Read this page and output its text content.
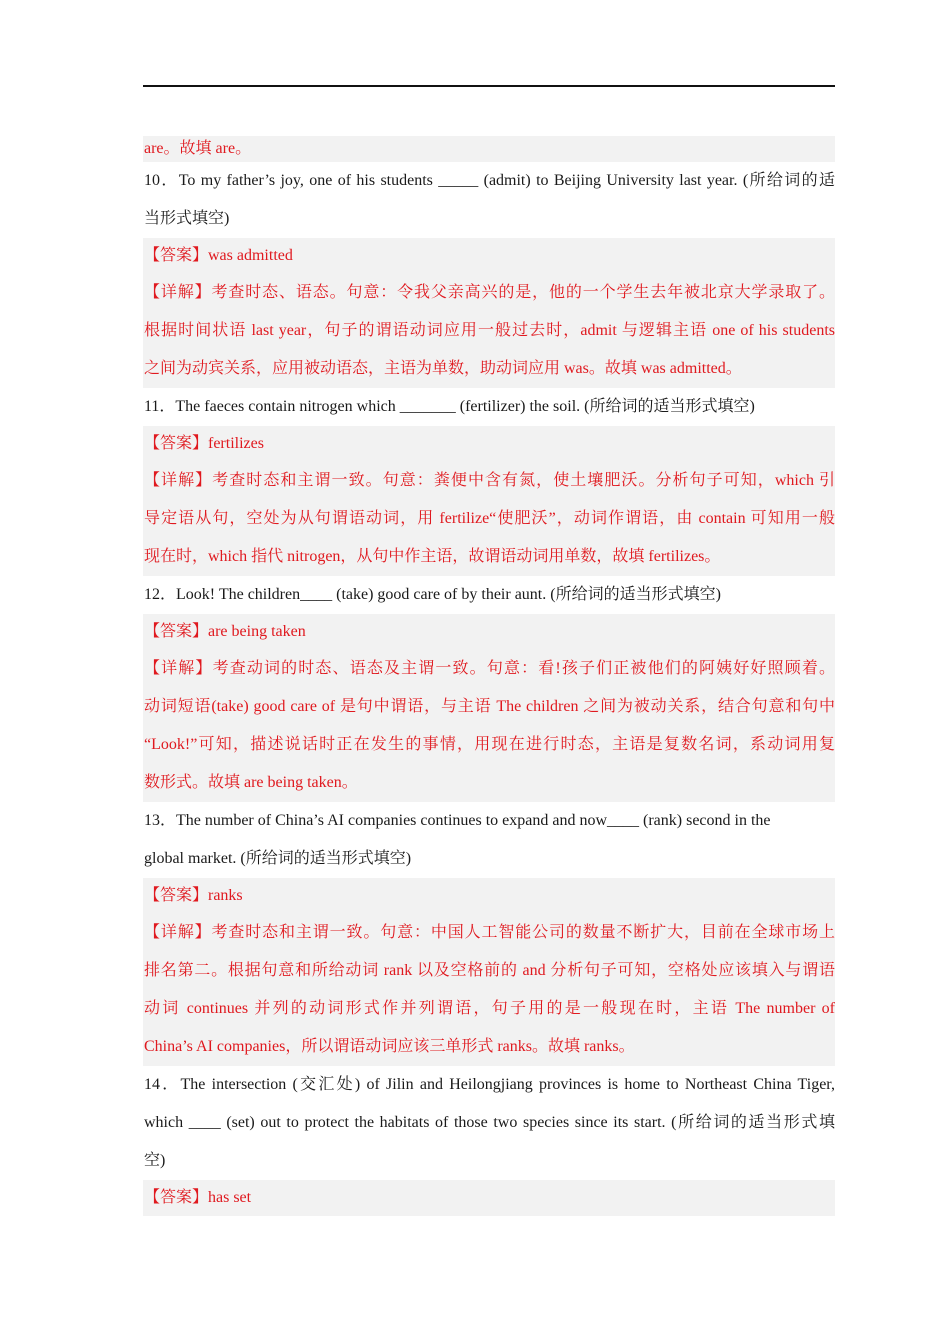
are。故填 are。
10．To my father’s joy, one of his students _____ (admit) to Beijing University last year. (所给词的适
当形式填空)
【答案】was admitted
【详解】考查时态、语态。句意：令我父亲高兴的是，他的一个学生去年被北京大学录取了。
根据时间状语 last year，句子的谓语动词应用一般过去时，admit 与逻辑主语 one of his students
之间为动宾关系，应用被动语态，主语为单数，助动词应用 was。故填 was admitted。
11．The faeces contain nitrogen which _______ (fertilizer) the soil. (所给词的适当形式填空)
【答案】fertilizes
【详解】考查时态和主谓一致。句意：粪便中含有氮，使土壤肥沃。分析句子可知，which 引
导定语从句，空处为从句谓语动词，用 fertilize“使肥沃”，动词作谓语，由 contain 可知用一般
现在时，which 指代 nitrogen，从句中作主语，故谓语动词用单数，故填 fertilizes。
12．Look! The children____ (take) good care of by their aunt. (所给词的适当形式填空)
【答案】are being taken
【详解】考查动词的时态、语态及主谓一致。句意：看!孩子们正被他们的阿姨好好照顾着。
动词短语(take) good care of 是句中谓语，与主语 The children 之间为被动关系，结合句意和句中
“Look!”可知，描述说话时正在发生的事情，用现在进行时态，主语是复数名词，系动词用复
数形式。故填 are being taken。
13．The number of China’s AI companies continues to expand and now____ (rank) second in the
global market. (所给词的适当形式填空)
【答案】ranks
【详解】考查时态和主谓一致。句意：中国人工智能公司的数量不断扩大，目前在全球市场上
排名第二。根据句意和所给动词 rank 以及空格前的 and 分析句子可知，空格处应该填入与谓语
动词 continues 并列的动词形式作并列谓语，句子用的是一般现在时，主语 The number of
China’s AI companies，所以谓语动词应该三单形式 ranks。故填 ranks。
14．The intersection (交汇处) of Jilin and Heilongjiang provinces is home to Northeast China Tiger,
which ____ (set) out to protect the habitats of those two species since its start. (所给词的适当形式填
空)
【答案】has set
